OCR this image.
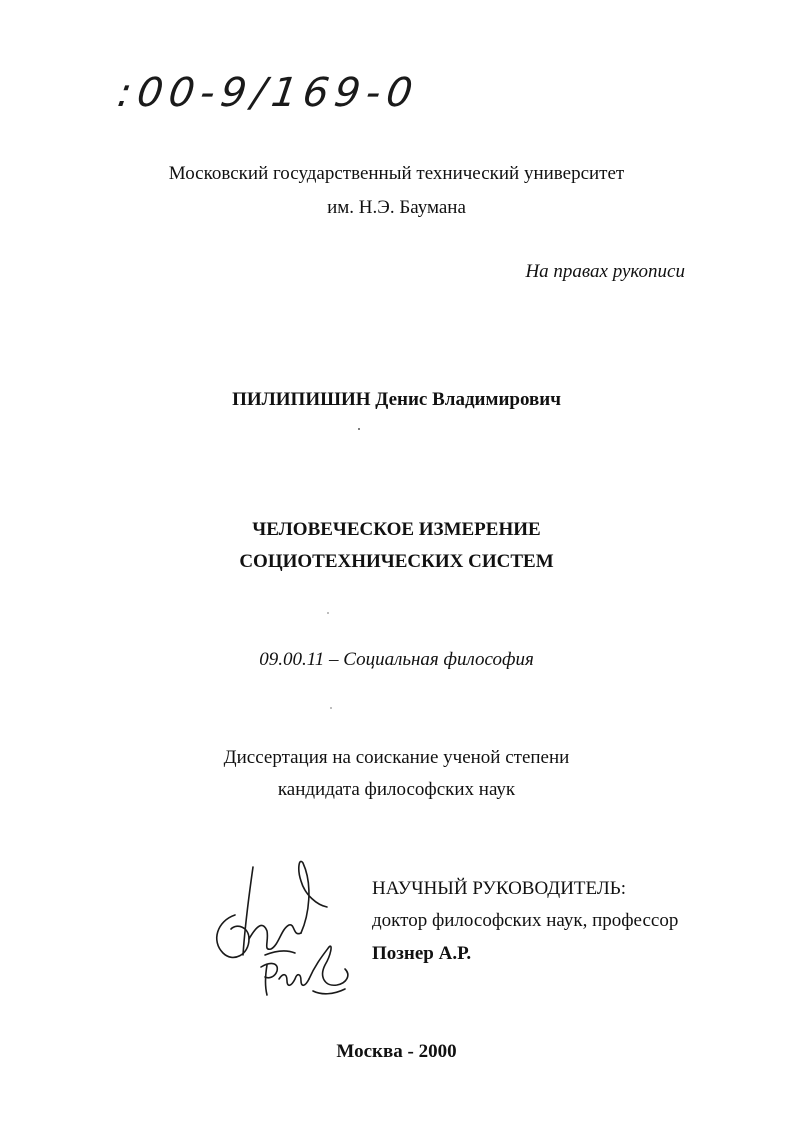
:00-9/169-0

Московский государственный технический университет

им. Н.Э. Баумана

На правах рукописи

ПИЛИПИШИН Денис Владимирович

ЧЕЛОВЕЧЕСКОЕ ИЗМЕРЕНИЕ

СОЦИОТЕХНИЧЕСКИХ СИСТЕМ

09.00.11 – Социальная философия

Диссертация на соискание ученой степени

кандидата философских наук

НАУЧНЫЙ РУКОВОДИТЕЛЬ:

доктор философских наук, профессор

Познер А.Р.

Москва - 2000
